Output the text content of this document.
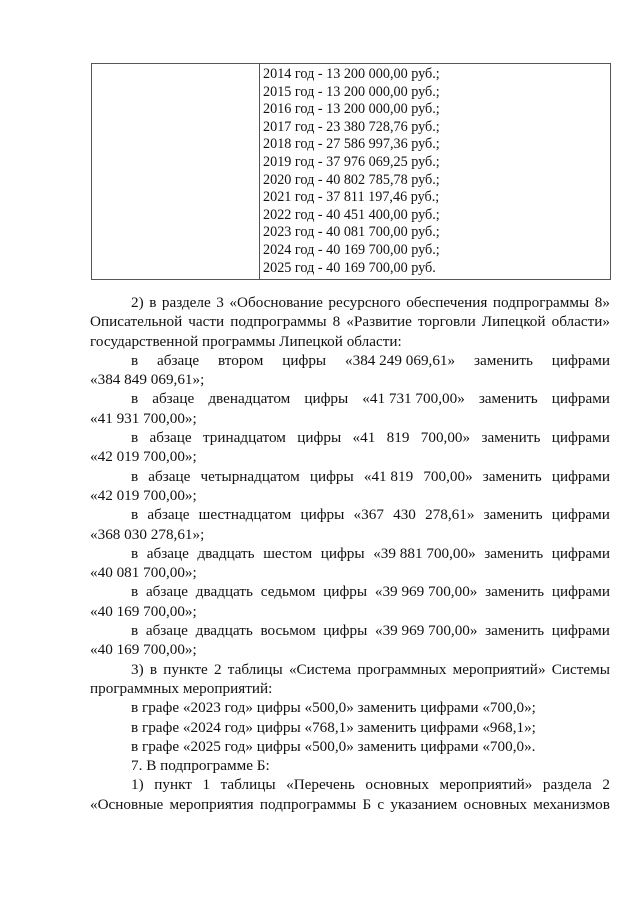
2014 год - 13 200 000,00 руб.;
2015 год - 13 200 000,00 руб.;
2016 год - 13 200 000,00 руб.;
2017 год - 23 380 728,76 руб.;
2018 год - 27 586 997,36 руб.;
2019 год - 37 976 069,25 руб.;
2020 год - 40 802 785,78 руб.;
2021 год - 37 811 197,46 руб.;
2022 год - 40 451 400,00 руб.;
2023 год - 40 081 700,00 руб.;
2024 год - 40 169 700,00 руб.;
2025 год - 40 169 700,00 руб.
2) в разделе 3 «Обоснование ресурсного обеспечения подпрограммы 8»
Описательной части подпрограммы 8 «Развитие торговли Липецкой области»
государственной программы Липецкой области:
в абзаце втором цифры «384 249 069,61» заменить цифрами
«384 849 069,61»;
в абзаце двенадцатом цифры «41 731 700,00» заменить цифрами
«41 931 700,00»;
в абзаце тринадцатом цифры «41 819 700,00» заменить цифрами
«42 019 700,00»;
в абзаце четырнадцатом цифры «41 819 700,00» заменить цифрами
«42 019 700,00»;
в абзаце шестнадцатом цифры «367 430 278,61» заменить цифрами
«368 030 278,61»;
в абзаце двадцать шестом цифры «39 881 700,00» заменить цифрами
«40 081 700,00»;
в абзаце двадцать седьмом цифры «39 969 700,00» заменить цифрами
«40 169 700,00»;
в абзаце двадцать восьмом цифры «39 969 700,00» заменить цифрами
«40 169 700,00»;
3) в пункте 2 таблицы «Система программных мероприятий» Системы
программных мероприятий:
в графе «2023 год» цифры «500,0» заменить цифрами «700,0»;
в графе «2024 год» цифры «768,1» заменить цифрами «968,1»;
в графе «2025 год» цифры «500,0» заменить цифрами «700,0».
7. В подпрограмме Б:
1) пункт 1 таблицы «Перечень основных мероприятий» раздела 2
«Основные мероприятия подпрограммы Б с указанием основных механизмов
